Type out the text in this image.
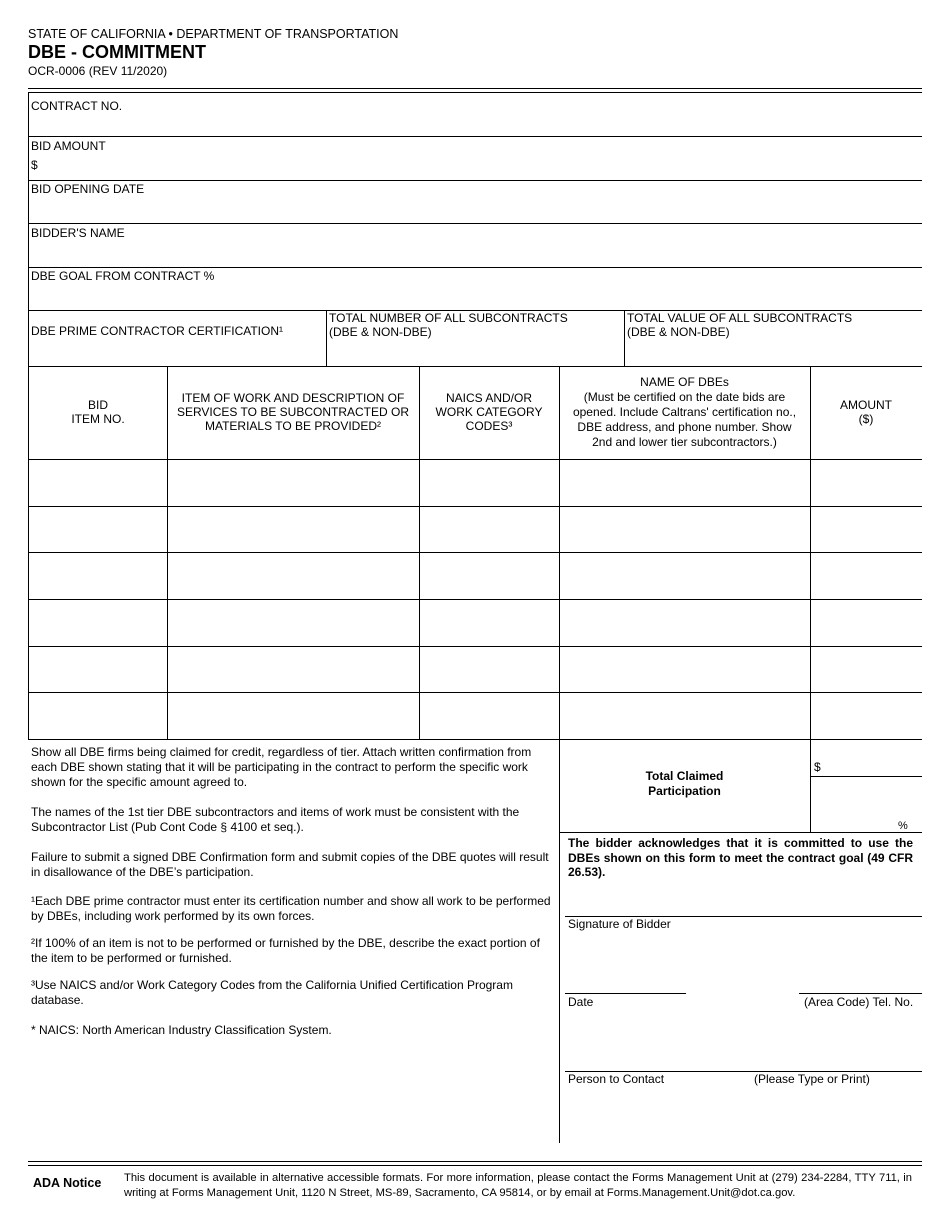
STATE OF CALIFORNIA • DEPARTMENT OF TRANSPORTATION
DBE - COMMITMENT
OCR-0006 (REV 11/2020)
CONTRACT NO.
BID AMOUNT
$
BID OPENING DATE
BIDDER'S NAME
DBE GOAL FROM CONTRACT %
DBE PRIME CONTRACTOR CERTIFICATION¹
TOTAL NUMBER OF ALL SUBCONTRACTS
(DBE & NON-DBE)
TOTAL VALUE OF ALL SUBCONTRACTS
(DBE & NON-DBE)
BID
ITEM NO.
ITEM OF WORK AND DESCRIPTION OF
SERVICES TO BE SUBCONTRACTED OR
MATERIALS TO BE PROVIDED²
NAICS AND/OR
WORK CATEGORY
CODES³
NAME OF DBEs
(Must be certified on the date bids are
opened. Include Caltrans' certification no.,
DBE address, and phone number. Show
2nd and lower tier subcontractors.)
AMOUNT
($)
Show all DBE firms being claimed for credit, regardless of tier. Attach written confirmation from each DBE shown stating that it will be participating in the contract to perform the specific work shown for the specific amount agreed to.
The names of the 1st tier DBE subcontractors and items of work must be consistent with the Subcontractor List (Pub Cont Code § 4100 et seq.).
Failure to submit a signed DBE Confirmation form and submit copies of the DBE quotes will result in disallowance of the DBE’s participation.
¹Each DBE prime contractor must enter its certification number and show all work to be performed by DBEs, including work performed by its own forces.
²If 100% of an item is not to be performed or furnished by the DBE, describe the exact portion of the item to be performed or furnished.
³Use NAICS and/or Work Category Codes from the California Unified Certification Program database.
* NAICS: North American Industry Classification System.
Total Claimed
Participation
$
%
The bidder acknowledges that it is committed to use the DBEs shown on this form to meet the contract goal (49 CFR 26.53).
Signature of Bidder
Date	(Area Code) Tel. No.
Person to Contact	(Please Type or Print)
ADA Notice This document is available in alternative accessible formats. For more information, please contact the Forms Management Unit at (279) 234-2284, TTY 711, in writing at Forms Management Unit, 1120 N Street, MS-89, Sacramento, CA 95814, or by email at Forms.Management.Unit@dot.ca.gov.
